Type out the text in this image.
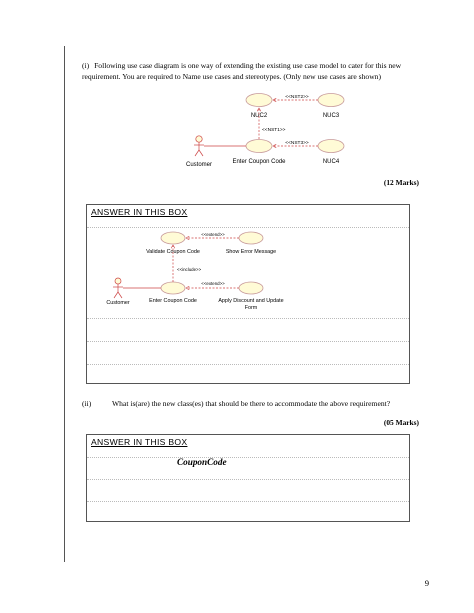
(i) Following use case diagram is one way of extending the existing use case model to cater for this new requirement. You are required to Name use cases and stereotypes. (Only new use cases are shown)
<<NST2>>
NUC2	NUC3
<<NST1>>
<<NST3>>
Enter Coupon Code	NUC4
Customer
(12 Marks)
ANSWER IN THIS BOX
<<extend>>
Validate Coupon Code	Show Error Message
<<include>>
<<extend>>
Enter Coupon Code	Apply Discount and Update
Form
Customer
(ii)	What is(are) the new class(es) that should be there to accommodate the above requirement?
(05 Marks)
ANSWER IN THIS BOX
CouponCode
9
